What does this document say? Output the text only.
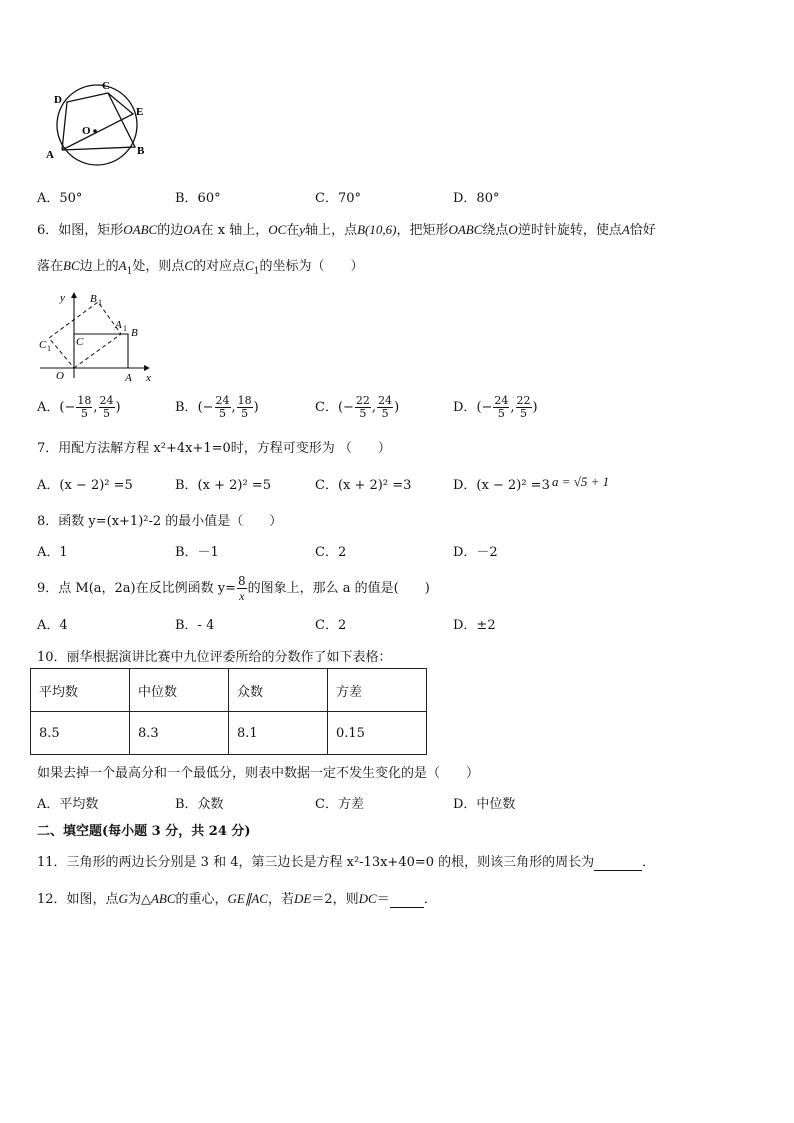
D
C
E
O
A	B
A．50°	B．60°	C．70°	D．80°
6．如图，矩形OABC的边OA在 x 轴上，OC在y轴上，点B(10,6)，把矩形OABC绕点O逆时针旋转，使点A恰好
落在BC边上的$A_1$处，则点C的对应点$C_1$的坐标为（　　）
y B 1
A 1 B
C 1
C
O	A x
A．(− $\frac{18}{5}$ , $\frac{24}{5}$ )	B．(− $\frac{24}{5}$ , $\frac{18}{5}$ )	C．(− $\frac{22}{5}$ , $\frac{24}{5}$ )	D．(− $\frac{24}{5}$ , $\frac{22}{5}$ )
7．用配方法解方程 x²+4x+1=0时，方程可变形为 （　　）
A．(x − 2)² =5	B．(x + 2)² =5	C．(x + 2)² =3	D．(x − 2)² =3 a = √5 + 1
8．函数 y=(x+1)²-2 的最小值是（　　）
A．1	B．－1	C．2	D．－2
9．点 M(a，2a)在反比例函数 $y= \frac{8}{x}$ 的图象上，那么 a 的值是(　　)
A．4	B．- 4	C．2	D．±2
10．丽华根据演讲比赛中九位评委所给的分数作了如下表格：
平均数	中位数	众数	方差
8.5	8.3	8.1	0.15
如果去掉一个最高分和一个最低分，则表中数据一定不发生变化的是（　　）
A．平均数	B．众数	C．方差	D．中位数
二、填空题(每小题 3 分，共 24 分)
11．三角形的两边长分别是 3 和 4，第三边长是方程 x²-13x+40=0 的根，则该三角形的周长为	．
12．如图，点G为△ABC的重心，GE∥AC，若DE＝2，则DC＝	．
